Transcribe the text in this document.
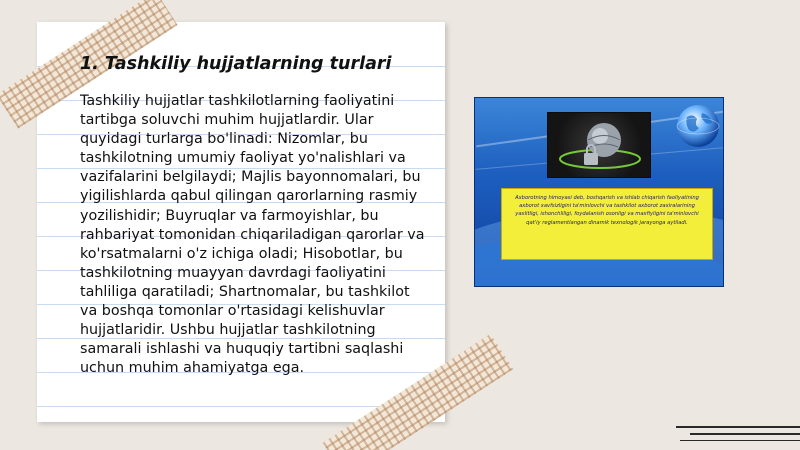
1. Tashkiliy hujjatlarning turlari

Tashkiliy hujjatlar tashkilotlarning faoliyatini tartibga soluvchi muhim hujjatlardir. Ular quyidagi turlarga bo'linadi: Nizomlar, bu tashkilotning umumiy faoliyat yo'nalishlari va vazifalarini belgilaydi; Majlis bayonnomalari, bu yigilishlarda qabul qilingan qarorlarning rasmiy yozilishidir; Buyruqlar va farmoyishlar, bu rahbariyat tomonidan chiqariladigan qarorlar va ko'rsatmalarni o'z ichiga oladi; Hisobotlar, bu tashkilotning muayyan davrdagi faoliyatini tahliliga qaratiladi; Shartnomalar, bu tashkilot va boshqa tomonlar o'rtasidagi kelishuvlar hujjatlaridir. Ushbu hujjatlar tashkilotning samarali ishlashi va huquqiy tartibni saqlashi uchun muhim ahamiyatga ega.

Axborotning himoyasi deb, boshqarish va ishlab chiqarish faoliyatining axborot xavfsizligini ta'minlovchi va tashkilot axborot zaxiralarining yaxlitligi, ishonchliligi, foydalanish osonligi va maxfiyligini ta'minlovchi qat'iy reglamentlangan dinamik texnologik jarayonga aytiladi.
